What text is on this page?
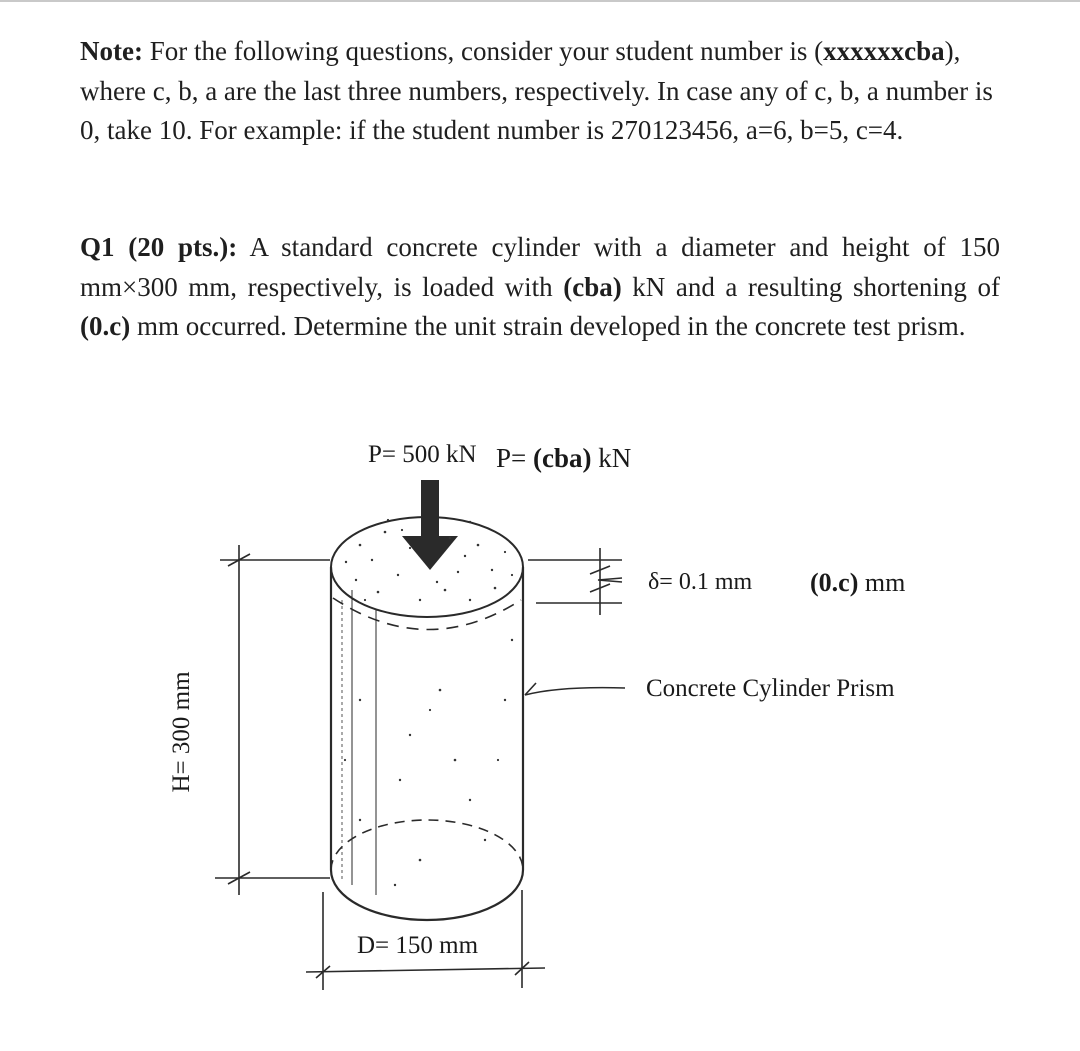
Note: For the following questions, consider your student number is (xxxxxxcba), where c, b, a are the last three numbers, respectively. In case any of c, b, a number is 0, take 10. For example: if the student number is 270123456, a=6, b=5, c=4.

Q1 (20 pts.): A standard concrete cylinder with a diameter and height of 150 mm×300 mm, respectively, is loaded with (cba) kN and a resulting shortening of (0.c) mm occurred. Determine the unit strain developed in the concrete test prism.

P= 500 kN P= (cba) kN
δ= 0.1 mm (0.c) mm
Concrete Cylinder Prism
H= 300 mm
D= 150 mm
